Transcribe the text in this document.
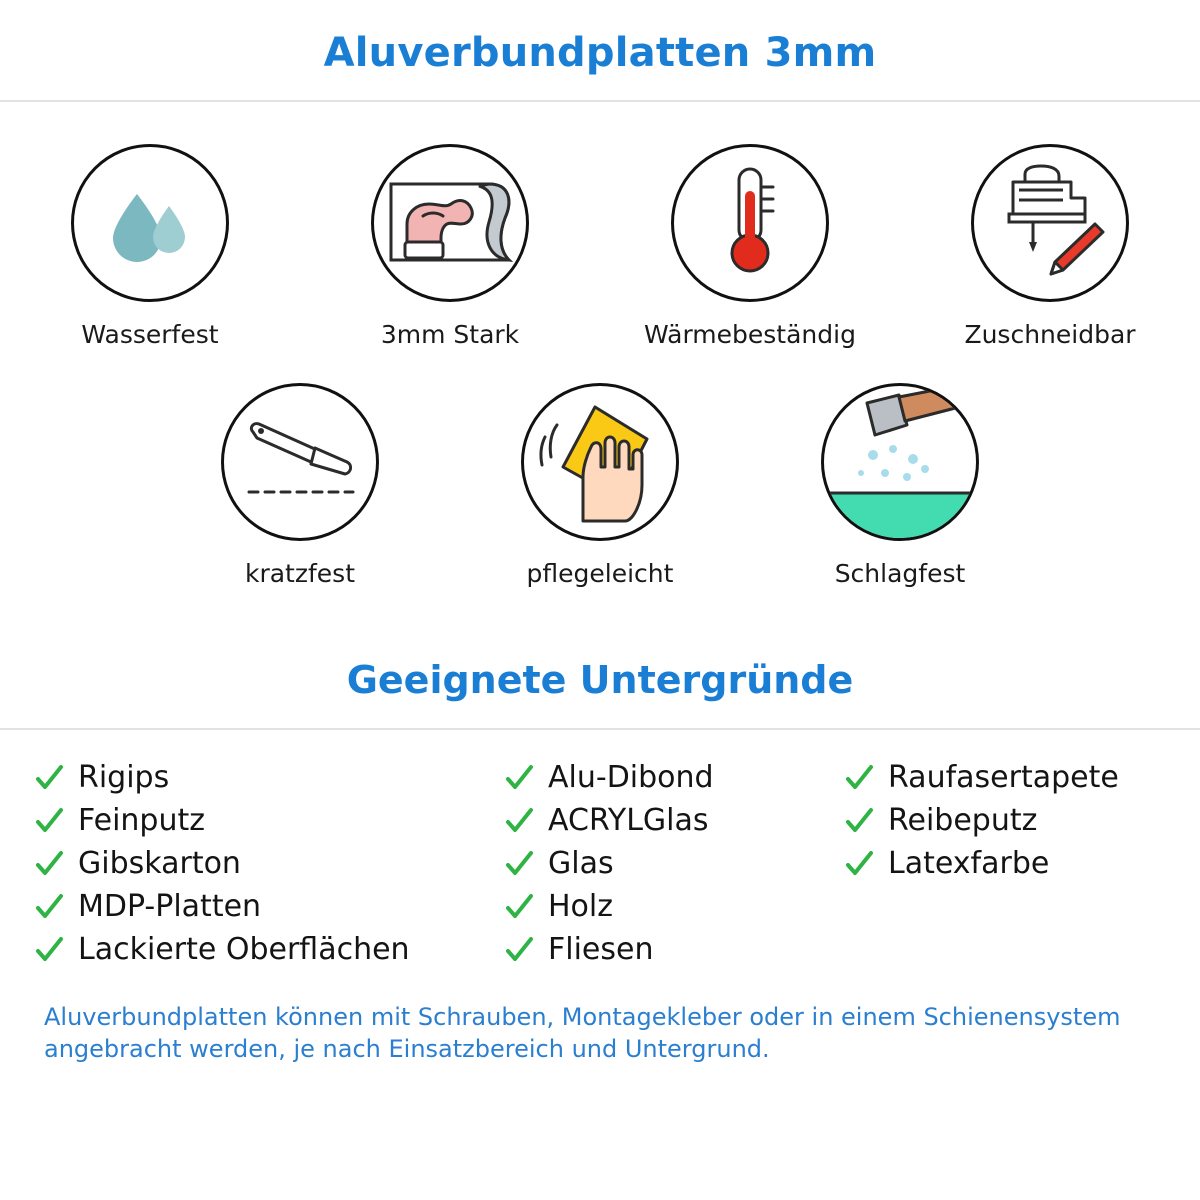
Aluverbundplatten 3mm
Wasserfest	3mm Stark	Wärmebeständig	Zuschneidbar
kratzfest	pflegeleicht	Schlagfest
Geeignete Untergründe
Rigips
Feinputz
Gibskarton
MDP-Platten
Lackierte Oberflächen
Alu-Dibond
ACRYLGlas
Glas
Holz
Fliesen
Raufasertapete
Reibeputz
Latexfarbe
Aluverbundplatten können mit Schrauben, Montagekleber oder in einem Schienensystem angebracht werden, je nach Einsatzbereich und Untergrund.
